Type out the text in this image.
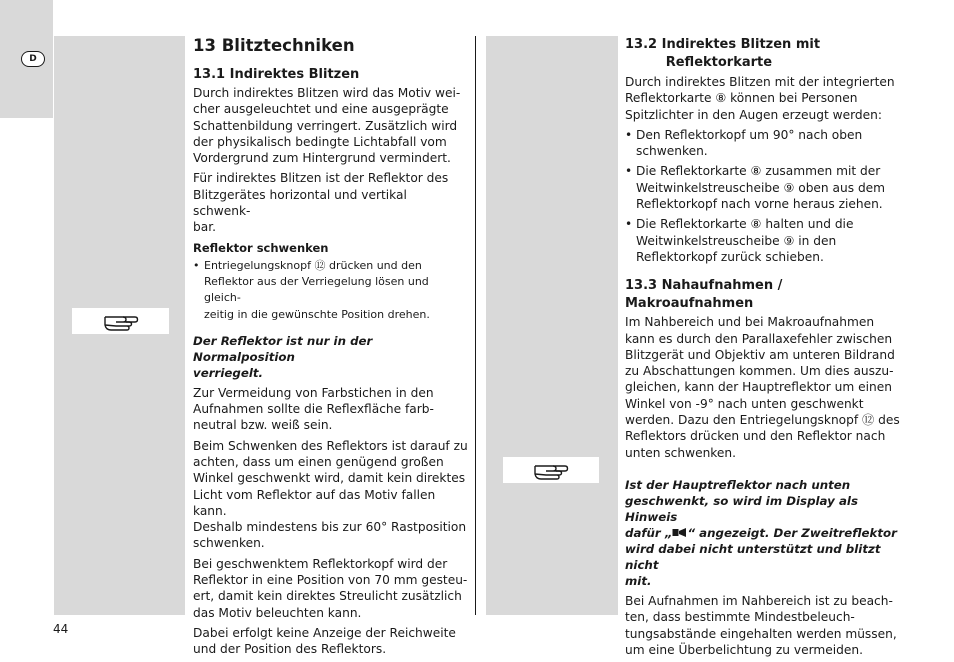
D
13 Blitztechniken
13.1 Indirektes Blitzen

Durch indirektes Blitzen wird das Motiv wei-
cher ausgeleuchtet und eine ausgeprägte
Schattenbildung verringert. Zusätzlich wird
der physikalisch bedingte Lichtabfall vom
Vordergrund zum Hintergrund vermindert.

Für indirektes Blitzen ist der Reflektor des
Blitzgerätes horizontal und vertikal schwenk-
bar.

Reflektor schwenken
• Entriegelungsknopf ⑫ drücken und den
Reflektor aus der Verriegelung lösen und gleich-
zeitig in die gewünschte Position drehen.

Der Reflektor ist nur in der Normalposition
verriegelt.

Zur Vermeidung von Farbstichen in den
Aufnahmen sollte die Reflexfläche farb-
neutral bzw. weiß sein.

Beim Schwenken des Reflektors ist darauf zu
achten, dass um einen genügend großen
Winkel geschwenkt wird, damit kein direktes
Licht vom Reflektor auf das Motiv fallen kann.
Deshalb mindestens bis zur 60° Rastposition
schwenken.

Bei geschwenktem Reflektorkopf wird der
Reflektor in eine Position von 70 mm gesteu-
ert, damit kein direktes Streulicht zusätzlich
das Motiv beleuchten kann.

Dabei erfolgt keine Anzeige der Reichweite
und der Position des Reflektors.

13.2 Indirektes Blitzen mit
Reflektorkarte

Durch indirektes Blitzen mit der integrierten
Reflektorkarte ⑧ können bei Personen
Spitzlichter in den Augen erzeugt werden:

• Den Reflektorkopf um 90° nach oben
schwenken.
• Die Reflektorkarte ⑧ zusammen mit der
Weitwinkelstreuscheibe ⑨ oben aus dem
Reflektorkopf nach vorne heraus ziehen.
• Die Reflektorkarte ⑧ halten und die
Weitwinkelstreuscheibe ⑨ in den
Reflektorkopf zurück schieben.
13.3 Nahaufnahmen / Makroaufnahmen

Im Nahbereich und bei Makroaufnahmen
kann es durch den Parallaxefehler zwischen
Blitzgerät und Objektiv am unteren Bildrand
zu Abschattungen kommen. Um dies auszu-
gleichen, kann der Hauptreflektor um einen
Winkel von -9° nach unten geschwenkt
werden. Dazu den Entriegelungsknopf ⑫ des
Reflektors drücken und den Reflektor nach
unten schwenken.

Ist der Hauptreflektor nach unten
geschwenkt, so wird im Display als Hinweis
dafür „ “ angezeigt. Der Zweitreflektor
wird dabei nicht unterstützt und blitzt nicht
mit.

Bei Aufnahmen im Nahbereich ist zu beach-
ten, dass bestimmte Mindestbeleuch-
tungsabstände eingehalten werden müssen,
um eine Überbelichtung zu vermeiden.

44
